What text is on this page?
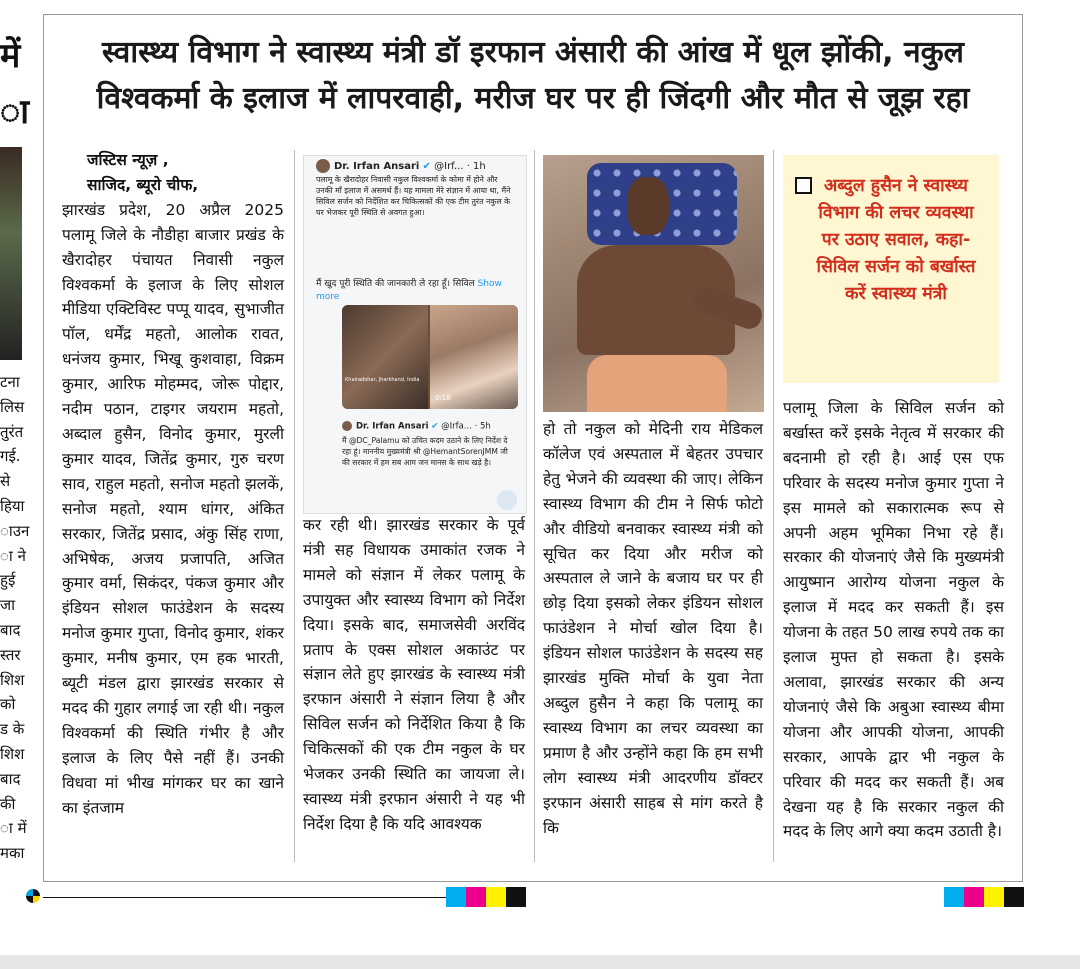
में
ा
टना
लिस
तुरंत
गई.
से
हिया
ाउन
ा ने
हुई
जा
बाद
स्तर
शिश
को
ड के
शिश
बाद
की
ा में
मका
स्वास्थ्य विभाग ने स्वास्थ्य मंत्री डॉ इरफान अंसारी की आंख में धूल झोंकी, नकुल
विश्वकर्मा के इलाज में लापरवाही, मरीज घर पर ही जिंदगी और मौत से जूझ रहा
जस्टिस न्यूज़ ,
साजिद, ब्यूरो चीफ,

झारखंड प्रदेश, 20 अप्रैल 2025 पलामू जिले के नौडीहा बाजार प्रखंड के खैरादोहर पंचायत निवासी नकुल विश्वकर्मा के इलाज के लिए सोशल मीडिया एक्टिविस्ट पप्पू यादव, सुभाजीत पॉल, धर्मेंद्र महतो, आलोक रावत, धनंजय कुमार, भिखू कुशवाहा, विक्रम कुमार, आरिफ मोहम्मद, जोरू पोद्दार, नदीम पठान, टाइगर जयराम महतो, अब्दाल हुसैन, विनोद कुमार, मुरली कुमार यादव, जितेंद्र कुमार, गुरु चरण साव, राहुल महतो, सनोज महतो झलकें, सनोज महतो, श्याम धांगर, अंकित सरकार, जितेंद्र प्रसाद, अंकु सिंह राणा, अभिषेक, अजय प्रजापति, अजित कुमार वर्मा, सिकंदर, पंकज कुमार और इंडियन सोशल फाउंडेशन के सदस्य मनोज कुमार गुप्ता, विनोद कुमार, शंकर कुमार, मनीष कुमार, एम हक भारती, ब्यूटी मंडल द्वारा झारखंड सरकार से मदद की गुहार लगाई जा रही थी। नकुल विश्वकर्मा की स्थिति गंभीर है और इलाज के लिए पैसे नहीं हैं। उनकी विधवा मां भीख मांगकर घर का खाने का इंतजाम

Dr. Irfan Ansari ✔ @Irf... · 1h
पलामू के खैरादोहर निवासी नकुल विश्वकर्मा के कोमा में होने और उनकी माँ इलाज में असमर्थ हैं। यह मामला मेरे संज्ञान में आया था, मैंने सिविल सर्जन को निर्देशित कर चिकित्सकों की एक टीम तुरंत नकुल के घर भेजकर पूरी स्थिति से अवगत हुआ।
मैं खुद पूरी स्थिति की जानकारी ले रहा हूँ। सिविल Show more
Khairadohar, Jharkhand, India
0:18
Dr. Irfan Ansari ✔ @Irfa... · 5h
मैं @DC_Palamu को उचित कदम उठाने के लिए निर्देश दे रहा हूं। माननीय मुख्यमंत्री श्री @HemantSorenJMM जी की सरकार में हम सब आम जन मानस के साथ खड़े है।

कर रही थी। झारखंड सरकार के पूर्व मंत्री सह विधायक उमाकांत रजक ने मामले को संज्ञान में लेकर पलामू के उपायुक्त और स्वास्थ्य विभाग को निर्देश दिया। इसके बाद, समाजसेवी अरविंद प्रताप के एक्स सोशल अकाउंट पर संज्ञान लेते हुए झारखंड के स्वास्थ्य मंत्री इरफान अंसारी ने संज्ञान लिया है और सिविल सर्जन को निर्देशित किया है कि चिकित्सकों की एक टीम नकुल के घर भेजकर उनकी स्थिति का जायजा ले। स्वास्थ्य मंत्री इरफान अंसारी ने यह भी निर्देश दिया है कि यदि आवश्यक

हो तो नकुल को मेदिनी राय मेडिकल कॉलेज एवं अस्पताल में बेहतर उपचार हेतु भेजने की व्यवस्था की जाए। लेकिन स्वास्थ्य विभाग की टीम ने सिर्फ फोटो और वीडियो बनवाकर स्वास्थ्य मंत्री को सूचित कर दिया और मरीज को अस्पताल ले जाने के बजाय घर पर ही छोड़ दिया इसको लेकर इंडियन सोशल फाउंडेशन ने मोर्चा खोल दिया है। इंडियन सोशल फाउंडेशन के सदस्य सह झारखंड मुक्ति मोर्चा के युवा नेता अब्दुल हुसैन ने कहा कि पलामू का स्वास्थ्य विभाग का लचर व्यवस्था का प्रमाण है और उन्होंने कहा कि हम सभी लोग स्वास्थ्य मंत्री आदरणीय डॉक्टर इरफान अंसारी साहब से मांग करते है कि

अब्दुल हुसैन ने स्वास्थ्य विभाग की लचर व्यवस्था पर उठाए सवाल, कहा- सिविल सर्जन को बर्खास्त करें स्वास्थ्य मंत्री

पलामू जिला के सिविल सर्जन को बर्खास्त करें इसके नेतृत्व में सरकार की बदनामी हो रही है। आई एस एफ परिवार के सदस्य मनोज कुमार गुप्ता ने इस मामले को सकारात्मक रूप से अपनी अहम भूमिका निभा रहे हैं। सरकार की योजनाएं जैसे कि मुख्यमंत्री आयुष्मान आरोग्य योजना नकुल के इलाज में मदद कर सकती हैं। इस योजना के तहत 50 लाख रुपये तक का इलाज मुफ्त हो सकता है। इसके अलावा, झारखंड सरकार की अन्य योजनाएं जैसे कि अबुआ स्वास्थ्य बीमा योजना और आपकी योजना, आपकी सरकार, आपके द्वार भी नकुल के परिवार की मदद कर सकती हैं। अब देखना यह है कि सरकार नकुल की मदद के लिए आगे क्या कदम उठाती है।
